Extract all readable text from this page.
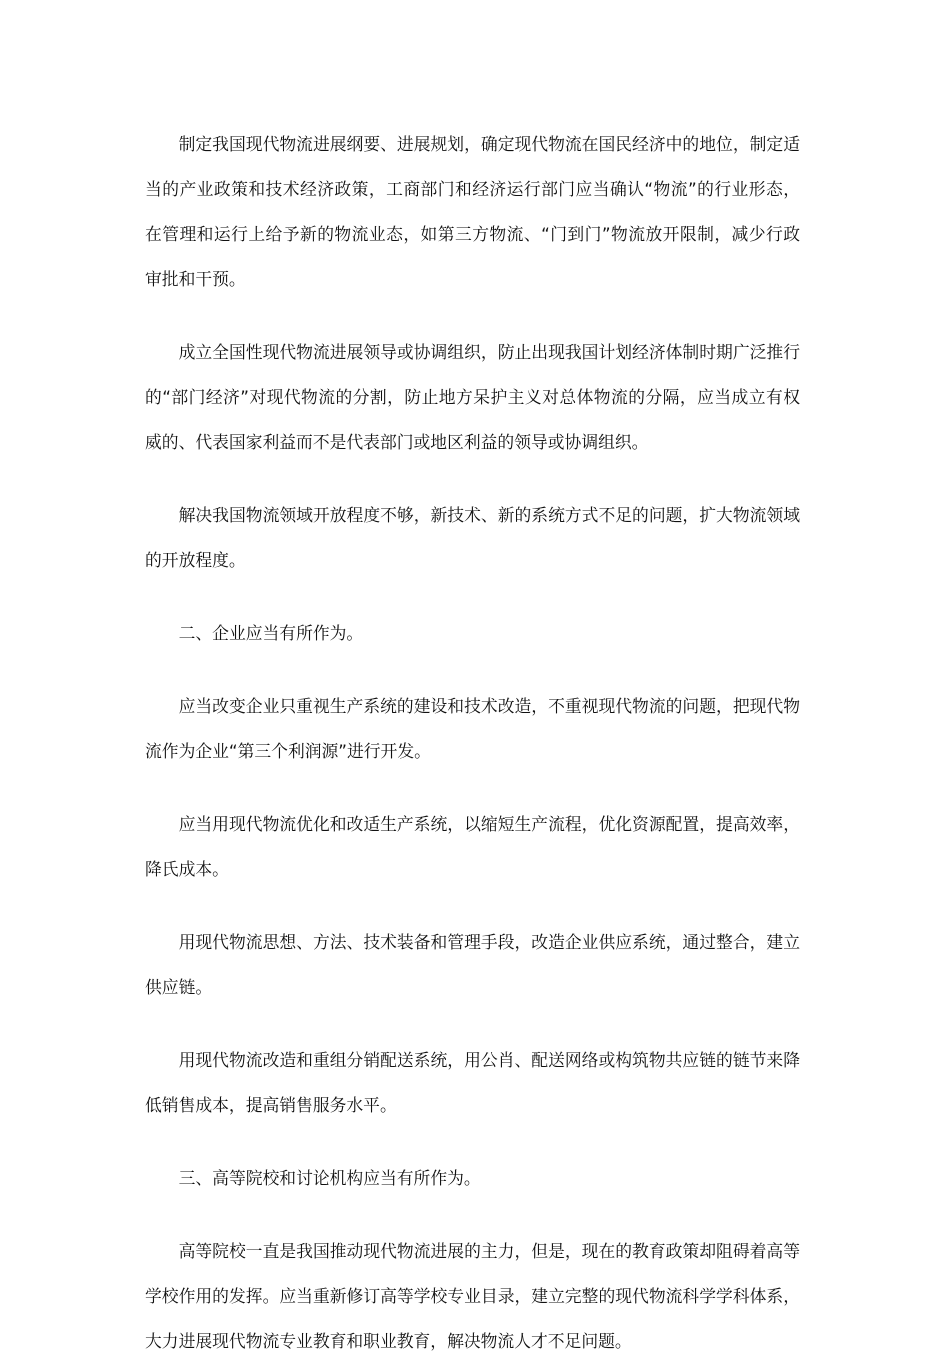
制定我国现代物流进展纲要、进展规划，确定现代物流在国民经济中的地位，制定适当的产业政策和技术经济政策，工商部门和经济运行部门应当确认“物流”的行业形态，在管理和运行上给予新的物流业态，如第三方物流、“门到门”物流放开限制，减少行政审批和干预。

成立全国性现代物流进展领导或协调组织，防止出现我国计划经济体制时期广泛推行的“部门经济”对现代物流的分割，防止地方呆护主义对总体物流的分隔，应当成立有权威的、代表国家利益而不是代表部门或地区利益的领导或协调组织。

解决我国物流领域开放程度不够，新技术、新的系统方式不足的问题，扩大物流领域的开放程度。

二、企业应当有所作为。

应当改变企业只重视生产系统的建设和技术改造，不重视现代物流的问题，把现代物流作为企业“第三个利润源”进行开发。

应当用现代物流优化和改适生产系统，以缩短生产流程，优化资源配置，提高效率，降氏成本。

用现代物流思想、方法、技术装备和管理手段，改造企业供应系统，通过整合，建立供应链。

用现代物流改造和重组分销配送系统，用公肖、配送网络或构筑物共应链的链节来降低销售成本，提高销售服务水平。

三、高等院校和讨论机构应当有所作为。

高等院校一直是我国推动现代物流进展的主力，但是，现在的教育政策却阻碍着高等学校作用的发挥。应当重新修订高等学校专业目录，建立完整的现代物流科学学科体系，大力进展现代物流专业教育和职业教育，解决物流人才不足问题。
